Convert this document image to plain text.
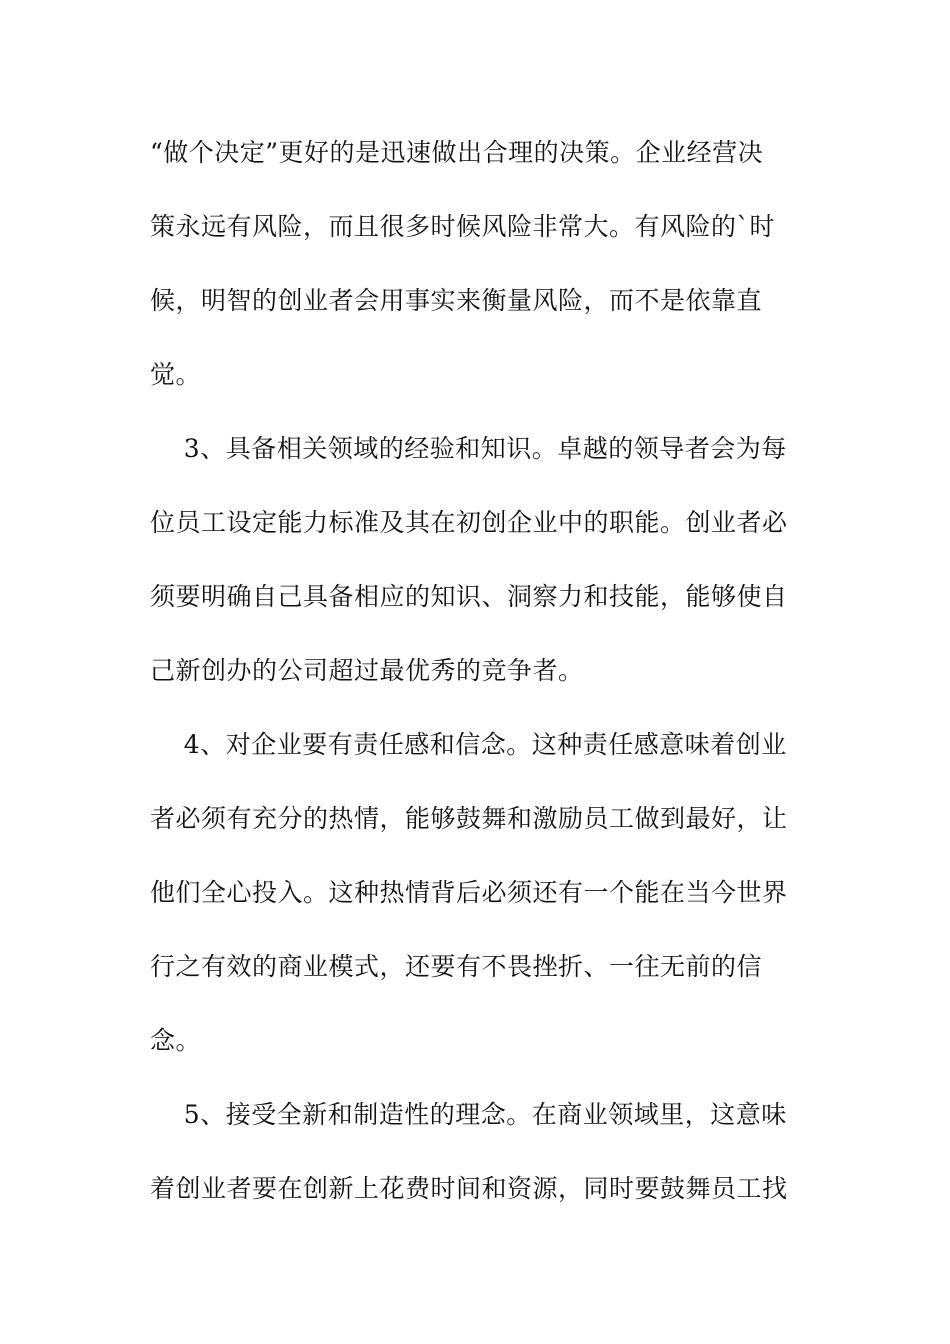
“做个决定”更好的是迅速做出合理的决策。企业经营决
策永远有风险，而且很多时候风险非常大。有风险的`时
候，明智的创业者会用事实来衡量风险，而不是依靠直
觉。
3、具备相关领域的经验和知识。卓越的领导者会为每
位员工设定能力标准及其在初创企业中的职能。创业者必
须要明确自己具备相应的知识、洞察力和技能，能够使自
己新创办的公司超过最优秀的竞争者。
4、对企业要有责任感和信念。这种责任感意味着创业
者必须有充分的热情，能够鼓舞和激励员工做到最好，让
他们全心投入。这种热情背后必须还有一个能在当今世界
行之有效的商业模式，还要有不畏挫折、一往无前的信
念。
5、接受全新和制造性的理念。在商业领域里，这意味
着创业者要在创新上花费时间和资源，同时要鼓舞员工找
